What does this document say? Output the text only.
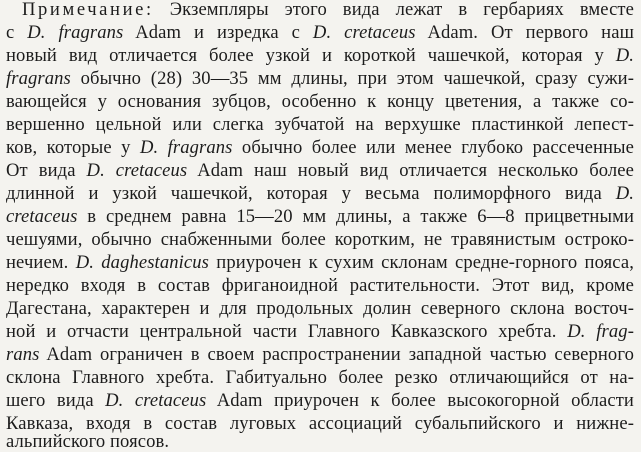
Примечание: Экземпляры этого вида лежат в гербариях вместе
с D. fragrans Adam и изредка с D. cretaceus Adam. От первого наш
новый вид отличается более узкой и короткой чашечкой, которая у D.
fragrans обычно (28) 30—35 мм длины, при этом чашечкой, сразу сужи-
вающейся у основания зубцов, особенно к концу цветения, а также со-
вершенно цельной или слегка зубчатой на верхушке пластинкой лепест-
ков, которые у D. fragrans обычно более или менее глубоко рассеченные
От вида D. cretaceus Adam наш новый вид отличается несколько более
длинной и узкой чашечкой, которая у весьма полиморфного вида D.
cretaceus в среднем равна 15—20 мм длины, а также 6—8 прицветными
чешуями, обычно снабженными более коротким, не травянистым остроко-
нечием. D. daghestanicus приурочен к сухим склонам средне-горного пояса,
нередко входя в состав фриганоидной растительности. Этот вид, кроме
Дагестана, характерен и для продольных долин северного склона восточ-
ной и отчасти центральной части Главного Кавказского хребта. D. frag-
rans Adam ограничен в своем распространении западной частью северного
склона Главного хребта. Габитуально более резко отличающийся от на-
шего вида D. cretaceus Adam приурочен к более высокогорной области
Кавказа, входя в состав луговых ассоциаций субальпийского и нижне-
альпийского поясов.
